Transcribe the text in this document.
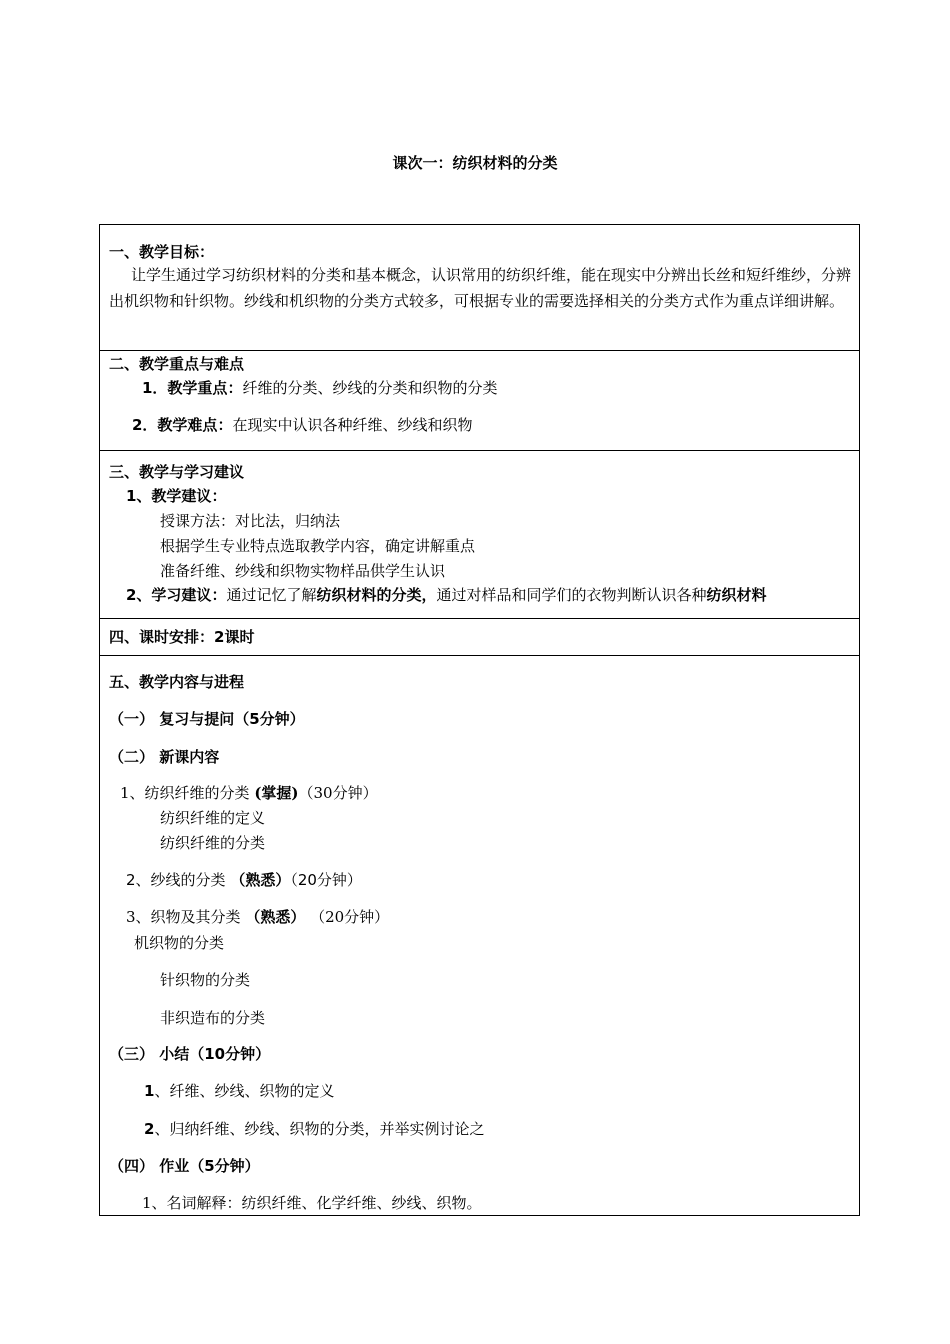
课次一：纺织材料的分类
一、教学目标：
让学生通过学习纺织材料的分类和基本概念，认识常用的纺织纤维，能在现实中分辨出长丝和短纤维纱，分辨出机织物和针织物。纱线和机织物的分类方式较多，可根据专业的需要选择相关的分类方式作为重点详细讲解。
二、教学重点与难点
1．教学重点：纤维的分类、纱线的分类和织物的分类
2．教学难点：在现实中认识各种纤维、纱线和织物
三、教学与学习建议
1、教学建议：
授课方法：对比法，归纳法
根据学生专业特点选取教学内容，确定讲解重点
准备纤维、纱线和织物实物样品供学生认识
2、学习建议：通过记忆了解纺织材料的分类，通过对样品和同学们的衣物判断认识各种纺织材料
四、课时安排：2课时
五、教学内容与进程
（一） 复习与提问（5分钟）
（二） 新课内容
1、纺织纤维的分类 (掌握)（30分钟）
纺织纤维的定义
纺织纤维的分类
2、纱线的分类 （熟悉）（20分钟）
3、织物及其分类 （熟悉） （20分钟）
机织物的分类
针织物的分类
非织造布的分类
（三） 小结（10分钟）
1、纤维、纱线、织物的定义
2、归纳纤维、纱线、织物的分类，并举实例讨论之
（四） 作业（5分钟）
1、名词解释：纺织纤维、化学纤维、纱线、织物。
